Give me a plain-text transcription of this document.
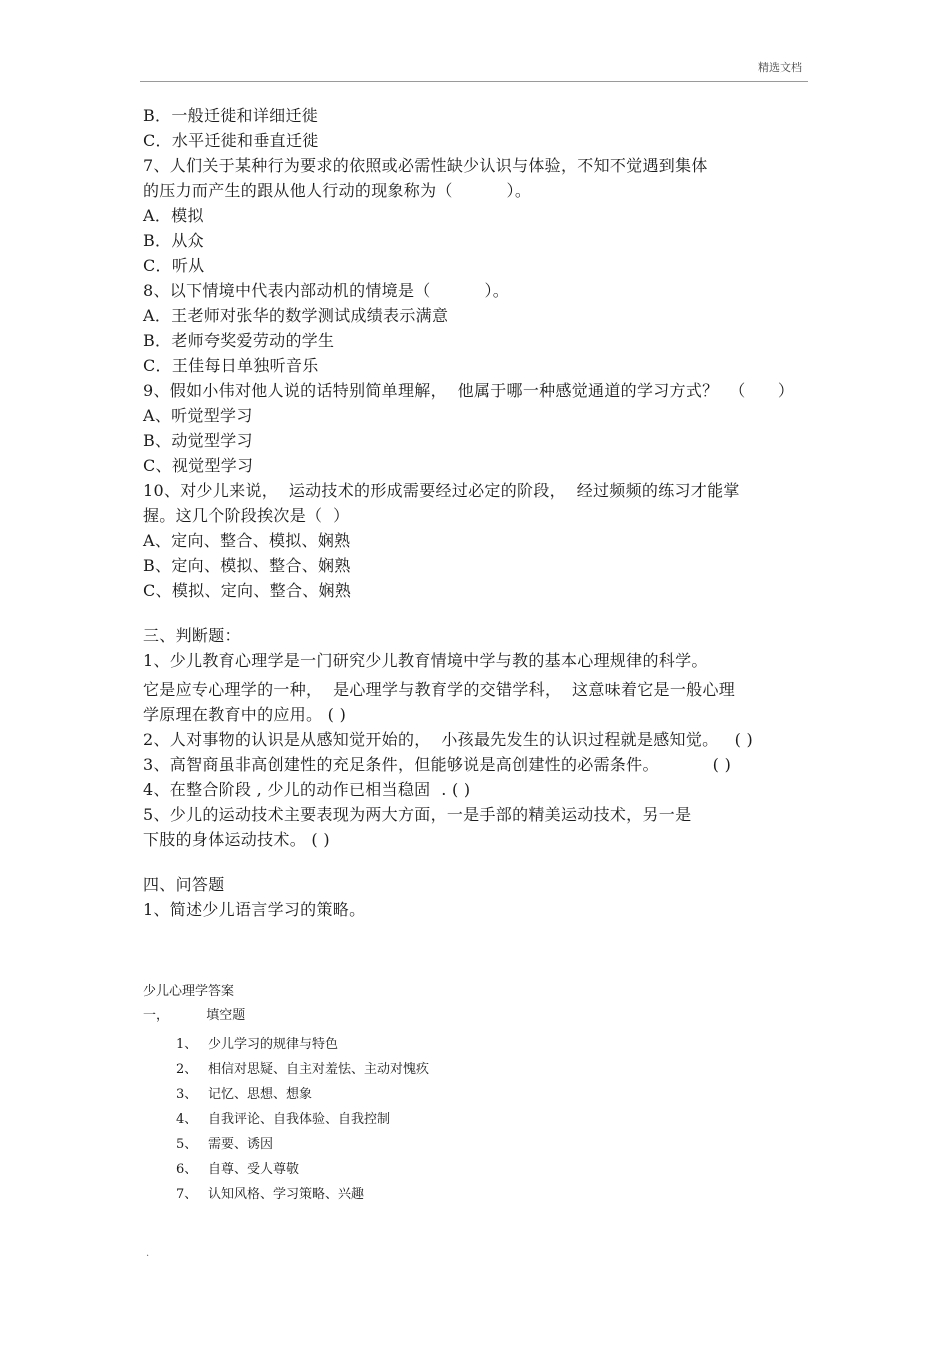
精选文档
B．一般迁徙和详细迁徙
C．水平迁徙和垂直迁徙
7、人们关于某种行为要求的依照或必需性缺少认识与体验，不知不觉遇到集体
的压力而产生的跟从他人行动的现象称为（          ）。
A．模拟
B．从众
C．听从
8、以下情境中代表内部动机的情境是（          ）。
A．王老师对张华的数学测试成绩表示满意
B．老师夸奖爱劳动的学生
C．王佳每日单独听音乐
9、假如小伟对他人说的话特别简单理解，  他属于哪一种感觉通道的学习方式？  （      ）
A、听觉型学习
B、动觉型学习
C、视觉型学习
10、对少儿来说，  运动技术的形成需要经过必定的阶段，  经过频频的练习才能掌
握。这几个阶段挨次是（  ）
A、定向、整合、模拟、娴熟
B、定向、模拟、整合、娴熟
C、模拟、定向、整合、娴熟
三、判断题：
1、少儿教育心理学是一门研究少儿教育情境中学与教的基本心理规律的科学。
它是应专心理学的一种，  是心理学与教育学的交错学科，  这意味着它是一般心理
学原理在教育中的应用。 ( )
2、人对事物的认识是从感知觉开始的，  小孩最先发生的认识过程就是感知觉。   ( )
3、高智商虽非高创建性的充足条件，但能够说是高创建性的必需条件。          ( )
4、在整合阶段 , 少儿的动作已相当稳固  . ( )
5、少儿的运动技术主要表现为两大方面，一是手部的精美运动技术，另一是
下肢的身体运动技术。 ( )
四、问答题
1、简述少儿语言学习的策略。
少儿心理学答案
一，         填空题
1、 少儿学习的规律与特色
2、 相信对思疑、自主对羞怯、主动对愧疚
3、 记忆、思想、想象
4、 自我评论、自我体验、自我控制
5、 需要、诱因
6、 自尊、受人尊敬
7、 认知风格、学习策略、兴趣
.
